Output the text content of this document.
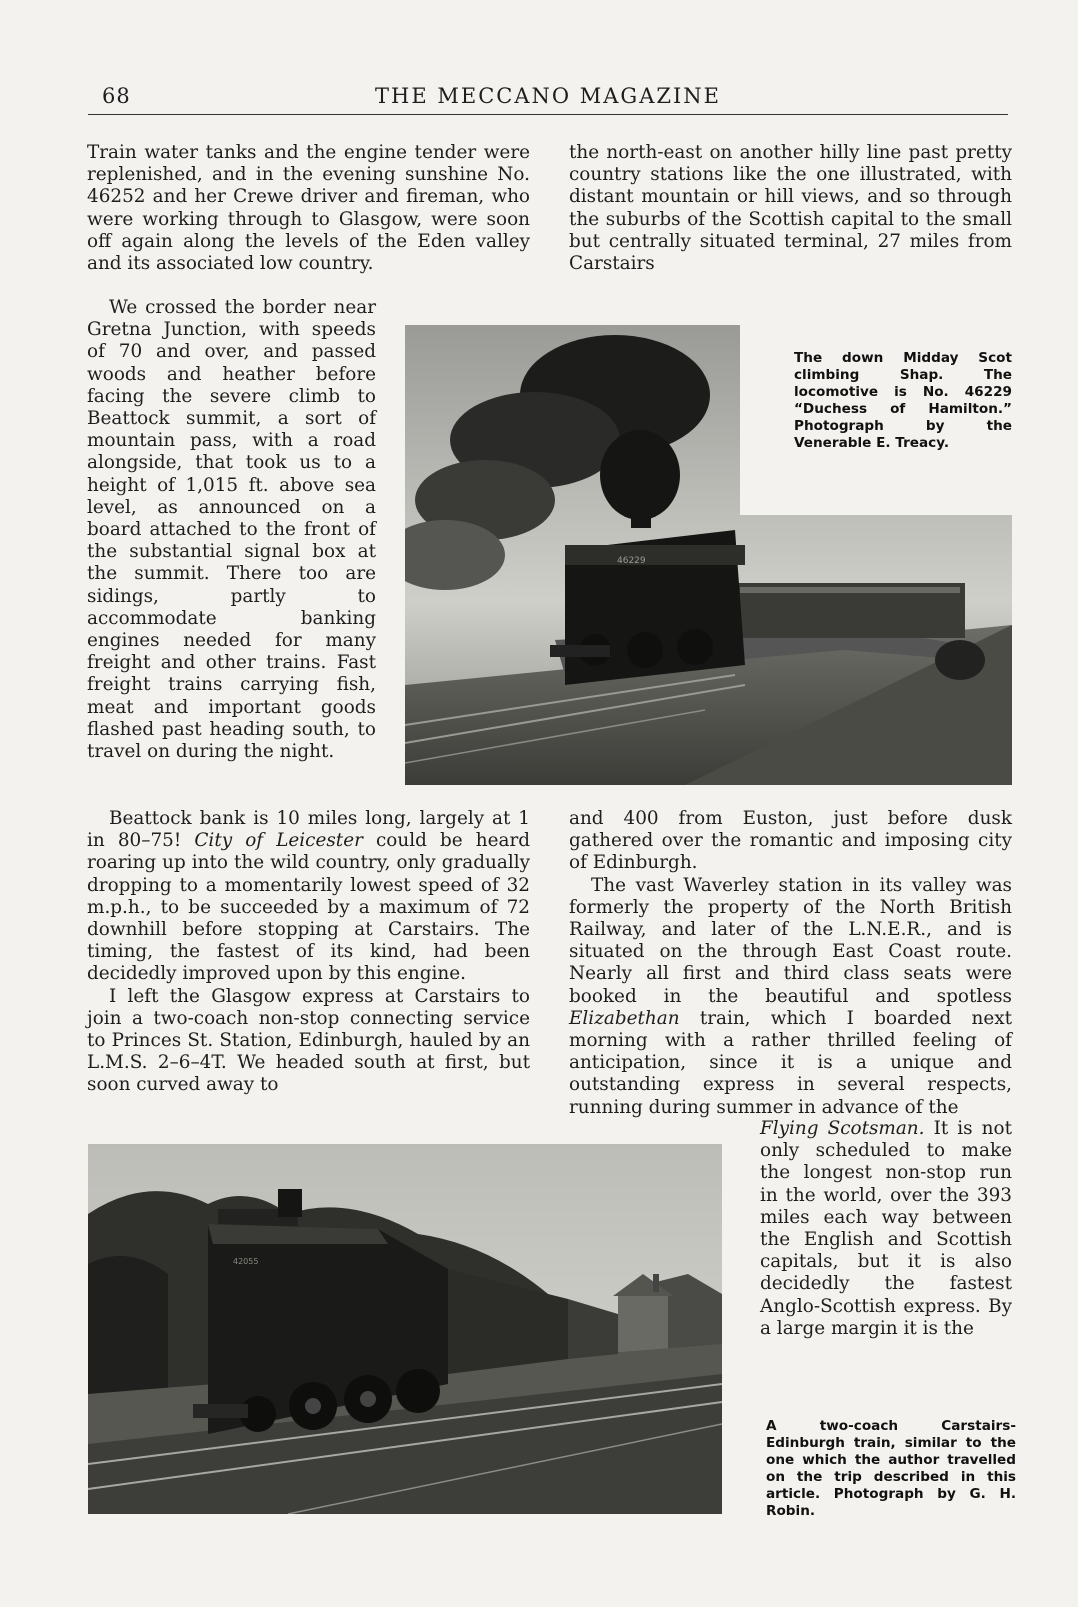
68	THE MECCANO MAGAZINE

Train water tanks and the engine tender were replenished, and in the evening sunshine No. 46252 and her Crewe driver and fireman, who were working through to Glasgow, were soon off again along the levels of the Eden valley and its associated low country.

the north-east on another hilly line past pretty country stations like the one illustrated, with distant mountain or hill views, and so through the suburbs of the Scottish capital to the small but centrally situated terminal, 27 miles from Carstairs

We crossed the border near Gretna Junction, with speeds of 70 and over, and passed woods and heather before facing the severe climb to Beattock summit, a sort of mountain pass, with a road alongside, that took us to a height of 1,015 ft. above sea level, as announced on a board attached to the front of the substantial signal box at the summit. There too are sidings, partly to accommodate banking engines needed for many freight and other trains. Fast freight trains carrying fish, meat and important goods flashed past heading south, to travel on during the night.

46229
The down Midday Scot climbing Shap. The locomotive is No. 46229 “Duchess of Hamilton.” Photograph by the Venerable E. Treacy.

Beattock bank is 10 miles long, largely at 1 in 80–75! City of Leicester could be heard roaring up into the wild country, only gradually dropping to a momentarily lowest speed of 32 m.p.h., to be succeeded by a maximum of 72 downhill before stopping at Carstairs. The timing, the fastest of its kind, had been decidedly improved upon by this engine.

I left the Glasgow express at Carstairs to join a two-coach non-stop connecting service to Princes St. Station, Edinburgh, hauled by an L.M.S. 2–6–4T. We headed south at first, but soon curved away to

and 400 from Euston, just before dusk gathered over the romantic and imposing city of Edinburgh.

The vast Waverley station in its valley was formerly the property of the North British Railway, and later of the L.N.E.R., and is situated on the through East Coast route. Nearly all first and third class seats were booked in the beautiful and spotless Elizabethan train, which I boarded next morning with a rather thrilled feeling of anticipation, since it is a unique and outstanding express in several respects, running during summer in advance of the

Flying Scotsman. It is not only scheduled to make the longest non-stop run in the world, over the 393 miles each way between the English and Scottish capitals, but it is also decidedly the fastest Anglo-Scottish express. By a large margin it is the

42055
A two-coach Carstairs-Edinburgh train, similar to the one which the author travelled on the trip described in this article. Photograph by G. H. Robin.
